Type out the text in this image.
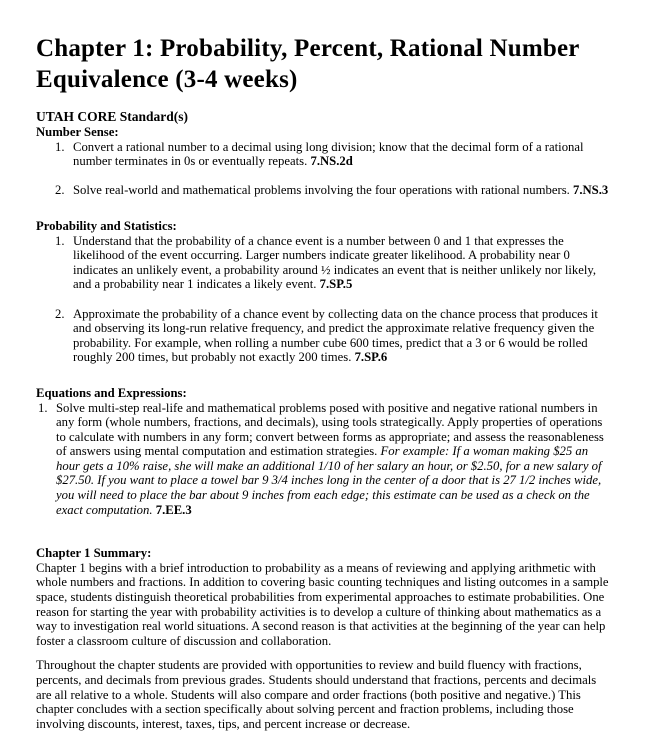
Chapter 1: Probability, Percent, Rational Number Equivalence (3-4 weeks)
UTAH CORE Standard(s)
Number Sense:
1. Convert a rational number to a decimal using long division; know that the decimal form of a rational number terminates in 0s or eventually repeats. 7.NS.2d
2. Solve real-world and mathematical problems involving the four operations with rational numbers. 7.NS.3
Probability and Statistics:
1. Understand that the probability of a chance event is a number between 0 and 1 that expresses the likelihood of the event occurring. Larger numbers indicate greater likelihood. A probability near 0 indicates an unlikely event, a probability around ½ indicates an event that is neither unlikely nor likely, and a probability near 1 indicates a likely event. 7.SP.5
2. Approximate the probability of a chance event by collecting data on the chance process that produces it and observing its long-run relative frequency, and predict the approximate relative frequency given the probability. For example, when rolling a number cube 600 times, predict that a 3 or 6 would be rolled roughly 200 times, but probably not exactly 200 times. 7.SP.6
Equations and Expressions:
1. Solve multi-step real-life and mathematical problems posed with positive and negative rational numbers in any form (whole numbers, fractions, and decimals), using tools strategically. Apply properties of operations to calculate with numbers in any form; convert between forms as appropriate; and assess the reasonableness of answers using mental computation and estimation strategies. For example: If a woman making $25 an hour gets a 10% raise, she will make an additional 1/10 of her salary an hour, or $2.50, for a new salary of $27.50. If you want to place a towel bar 9 3/4 inches long in the center of a door that is 27 1/2 inches wide, you will need to place the bar about 9 inches from each edge; this estimate can be used as a check on the exact computation. 7.EE.3
Chapter 1 Summary:

Chapter 1 begins with a brief introduction to probability as a means of reviewing and applying arithmetic with whole numbers and fractions. In addition to covering basic counting techniques and listing outcomes in a sample space, students distinguish theoretical probabilities from experimental approaches to estimate probabilities. One reason for starting the year with probability activities is to develop a culture of thinking about mathematics as a way to investigation real world situations. A second reason is that activities at the beginning of the year can help foster a classroom culture of discussion and collaboration.

Throughout the chapter students are provided with opportunities to review and build fluency with fractions, percents, and decimals from previous grades. Students should understand that fractions, percents and decimals are all relative to a whole. Students will also compare and order fractions (both positive and negative.) This chapter concludes with a section specifically about solving percent and fraction problems, including those involving discounts, interest, taxes, tips, and percent increase or decrease.
